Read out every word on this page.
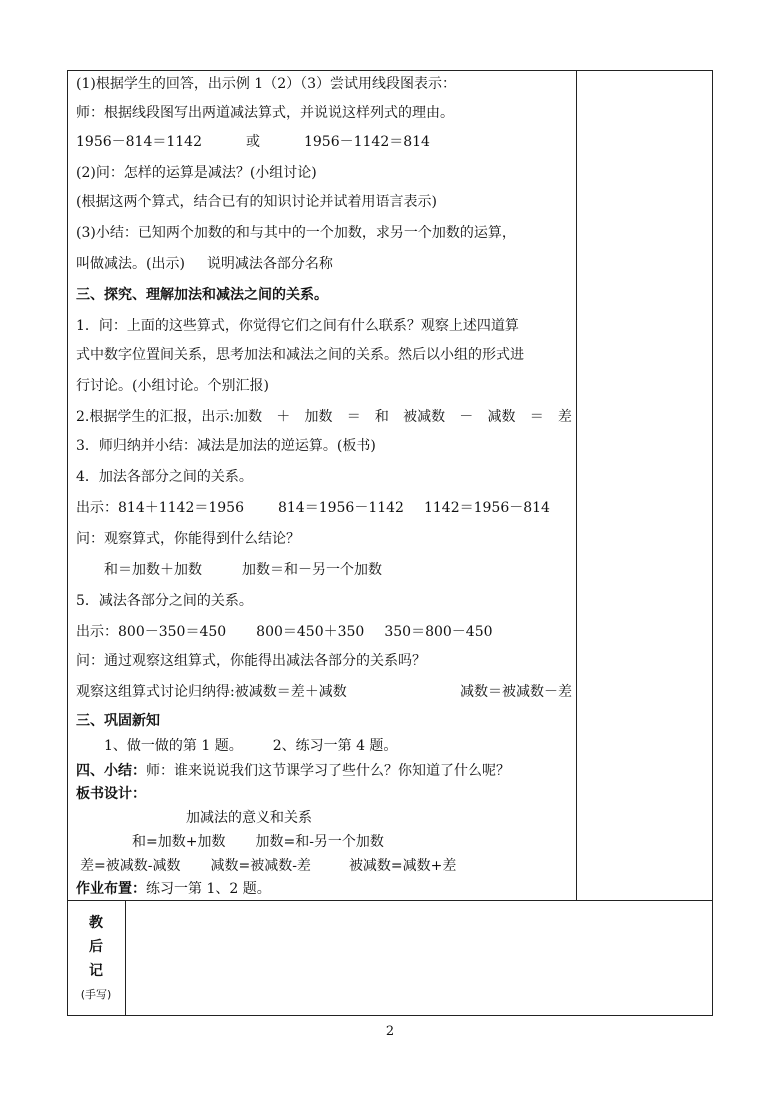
(1)根据学生的回答，出示例 1（2）（3）尝试用线段图表示：
师：根据线段图写出两道减法算式，并说说这样列式的理由。
1956－814＝1142	或	1956－1142＝814
(2)问：怎样的运算是减法？(小组讨论)
(根据这两个算式，结合已有的知识讨论并试着用语言表示)
(3)小结：已知两个加数的和与其中的一个加数，求另一个加数的运算，
叫做减法。(出示) 说明减法各部分名称
三、探究、理解加法和减法之间的关系。
1．问：上面的这些算式，你觉得它们之间有什么联系？观察上述四道算
式中数字位置间关系，思考加法和减法之间的关系。然后以小组的形式进
行讨论。(小组讨论。个别汇报)
2.根据学生的汇报，出示:加数 ＋ 加数 ＝ 和 被减数 － 减数 ＝ 差
3．师归纳并小结：减法是加法的逆运算。(板书)
4．加法各部分之间的关系。
出示：814＋1142＝1956 814＝1956－1142 1142＝1956－814
问：观察算式，你能得到什么结论？
和＝加数＋加数	加数＝和－另一个加数
5．减法各部分之间的关系。
出示：800－350＝450 800＝450＋350 350＝800－450
问：通过观察这组算式，你能得出减法各部分的关系吗？
观察这组算式讨论归纳得:被减数＝差＋减数	减数＝被减数－差
三、巩固新知
1、做一做的第 1 题。 2、练习一第 4 题。
四、小结：师：谁来说说我们这节课学习了些什么？你知道了什么呢？
板书设计：
加减法的意义和关系
和=加数+加数 加数=和-另一个加数
差=被减数-减数 减数=被减数-差	被减数=减数+差
作业布置：练习一第 1、2 题。
教
后
记
(手写)
2
